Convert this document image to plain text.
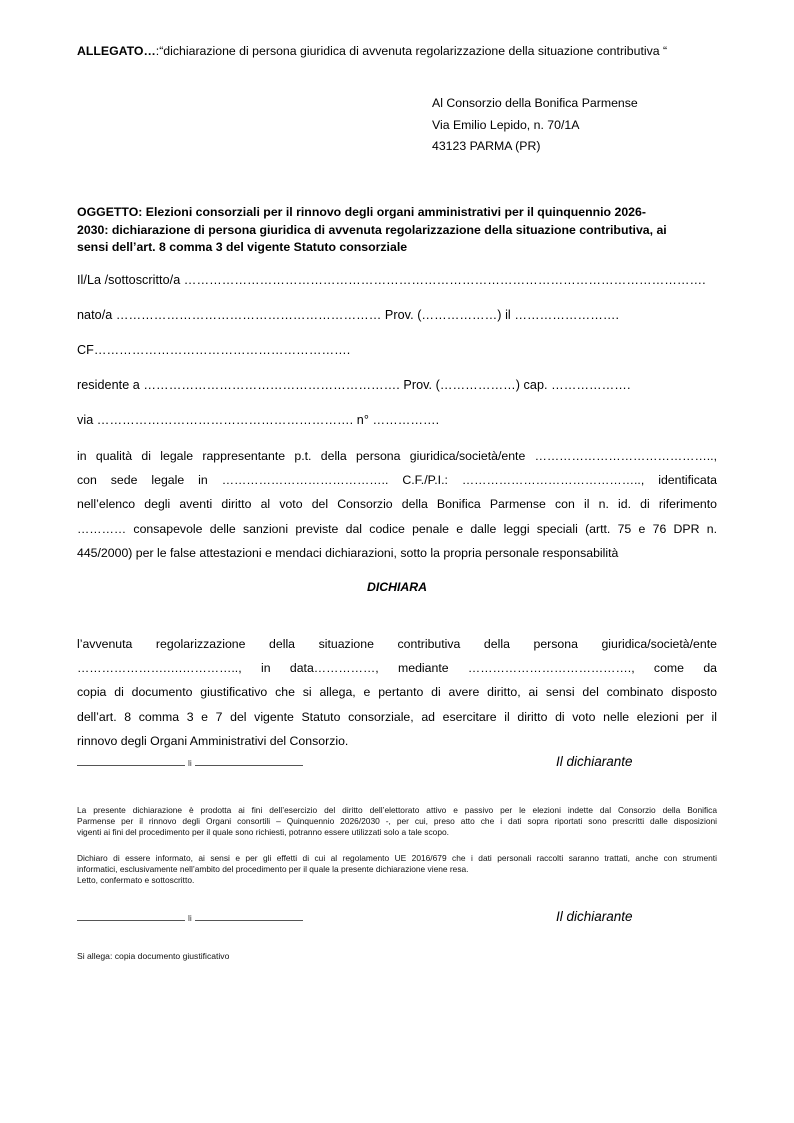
ALLEGATO…:“dichiarazione di persona giuridica di avvenuta regolarizzazione della situazione contributiva “
Al Consorzio della Bonifica Parmense
Via Emilio Lepido, n. 70/1A
43123 PARMA (PR)
OGGETTO: Elezioni consorziali per il rinnovo degli organi amministrativi per il quinquennio 2026-
2030: dichiarazione di persona giuridica di avvenuta regolarizzazione della situazione contributiva, ai
sensi dell’art. 8 comma 3 del vigente Statuto consorziale
Il/La /sottoscritto/a …………………………………………………………………………………………………………….
nato/a ……………………………………………………… Prov. (………………) il …………………….
CF…………………………………………………….
residente a ……………………………………………………. Prov. (………………) cap. ……………….
via ……………………………………………………. n° …………….
in qualità di legale rappresentante p.t. della persona giuridica/società/ente ……………………………………..,
con sede legale in ………………………………….. C.F./P.I.: …………………………………….., identificata
nell’elenco degli aventi diritto al voto del Consorzio della Bonifica Parmense con il n. id. di riferimento
………… consapevole delle sanzioni previste dal codice penale e dalle leggi speciali (artt. 75 e 76 DPR n.
445/2000) per le false attestazioni e mendaci dichiarazioni, sotto la propria personale responsabilità
DICHIARA
l’avvenuta regolarizzazione della situazione contributiva della persona giuridica/società/ente
………………….….………….., in data……………, mediante …………………………………., come da
copia di documento giustificativo che si allega, e pertanto di avere diritto, ai sensi del combinato disposto
dell’art. 8 comma 3 e 7 del vigente Statuto consorziale, ad esercitare il diritto di voto nelle elezioni per il
rinnovo degli Organi Amministrativi del Consorzio.
li	Il dichiarante
La presente dichiarazione è prodotta ai fini dell’esercizio del diritto dell’elettorato attivo e passivo per le elezioni indette dal Consorzio della Bonifica
Parmense per il rinnovo degli Organi consortili – Quinquennio 2026/2030 -, per cui, preso atto che i dati sopra riportati sono prescritti dalle disposizioni
vigenti ai fini del procedimento per il quale sono richiesti, potranno essere utilizzati solo a tale scopo.
Dichiaro di essere informato, ai sensi e per gli effetti di cui al regolamento UE 2016/679 che i dati personali raccolti saranno trattati, anche con strumenti
informatici, esclusivamente nell’ambito del procedimento per il quale la presente dichiarazione viene resa.
Letto, confermato e sottoscritto.
li	Il dichiarante
Si allega: copia documento giustificativo
